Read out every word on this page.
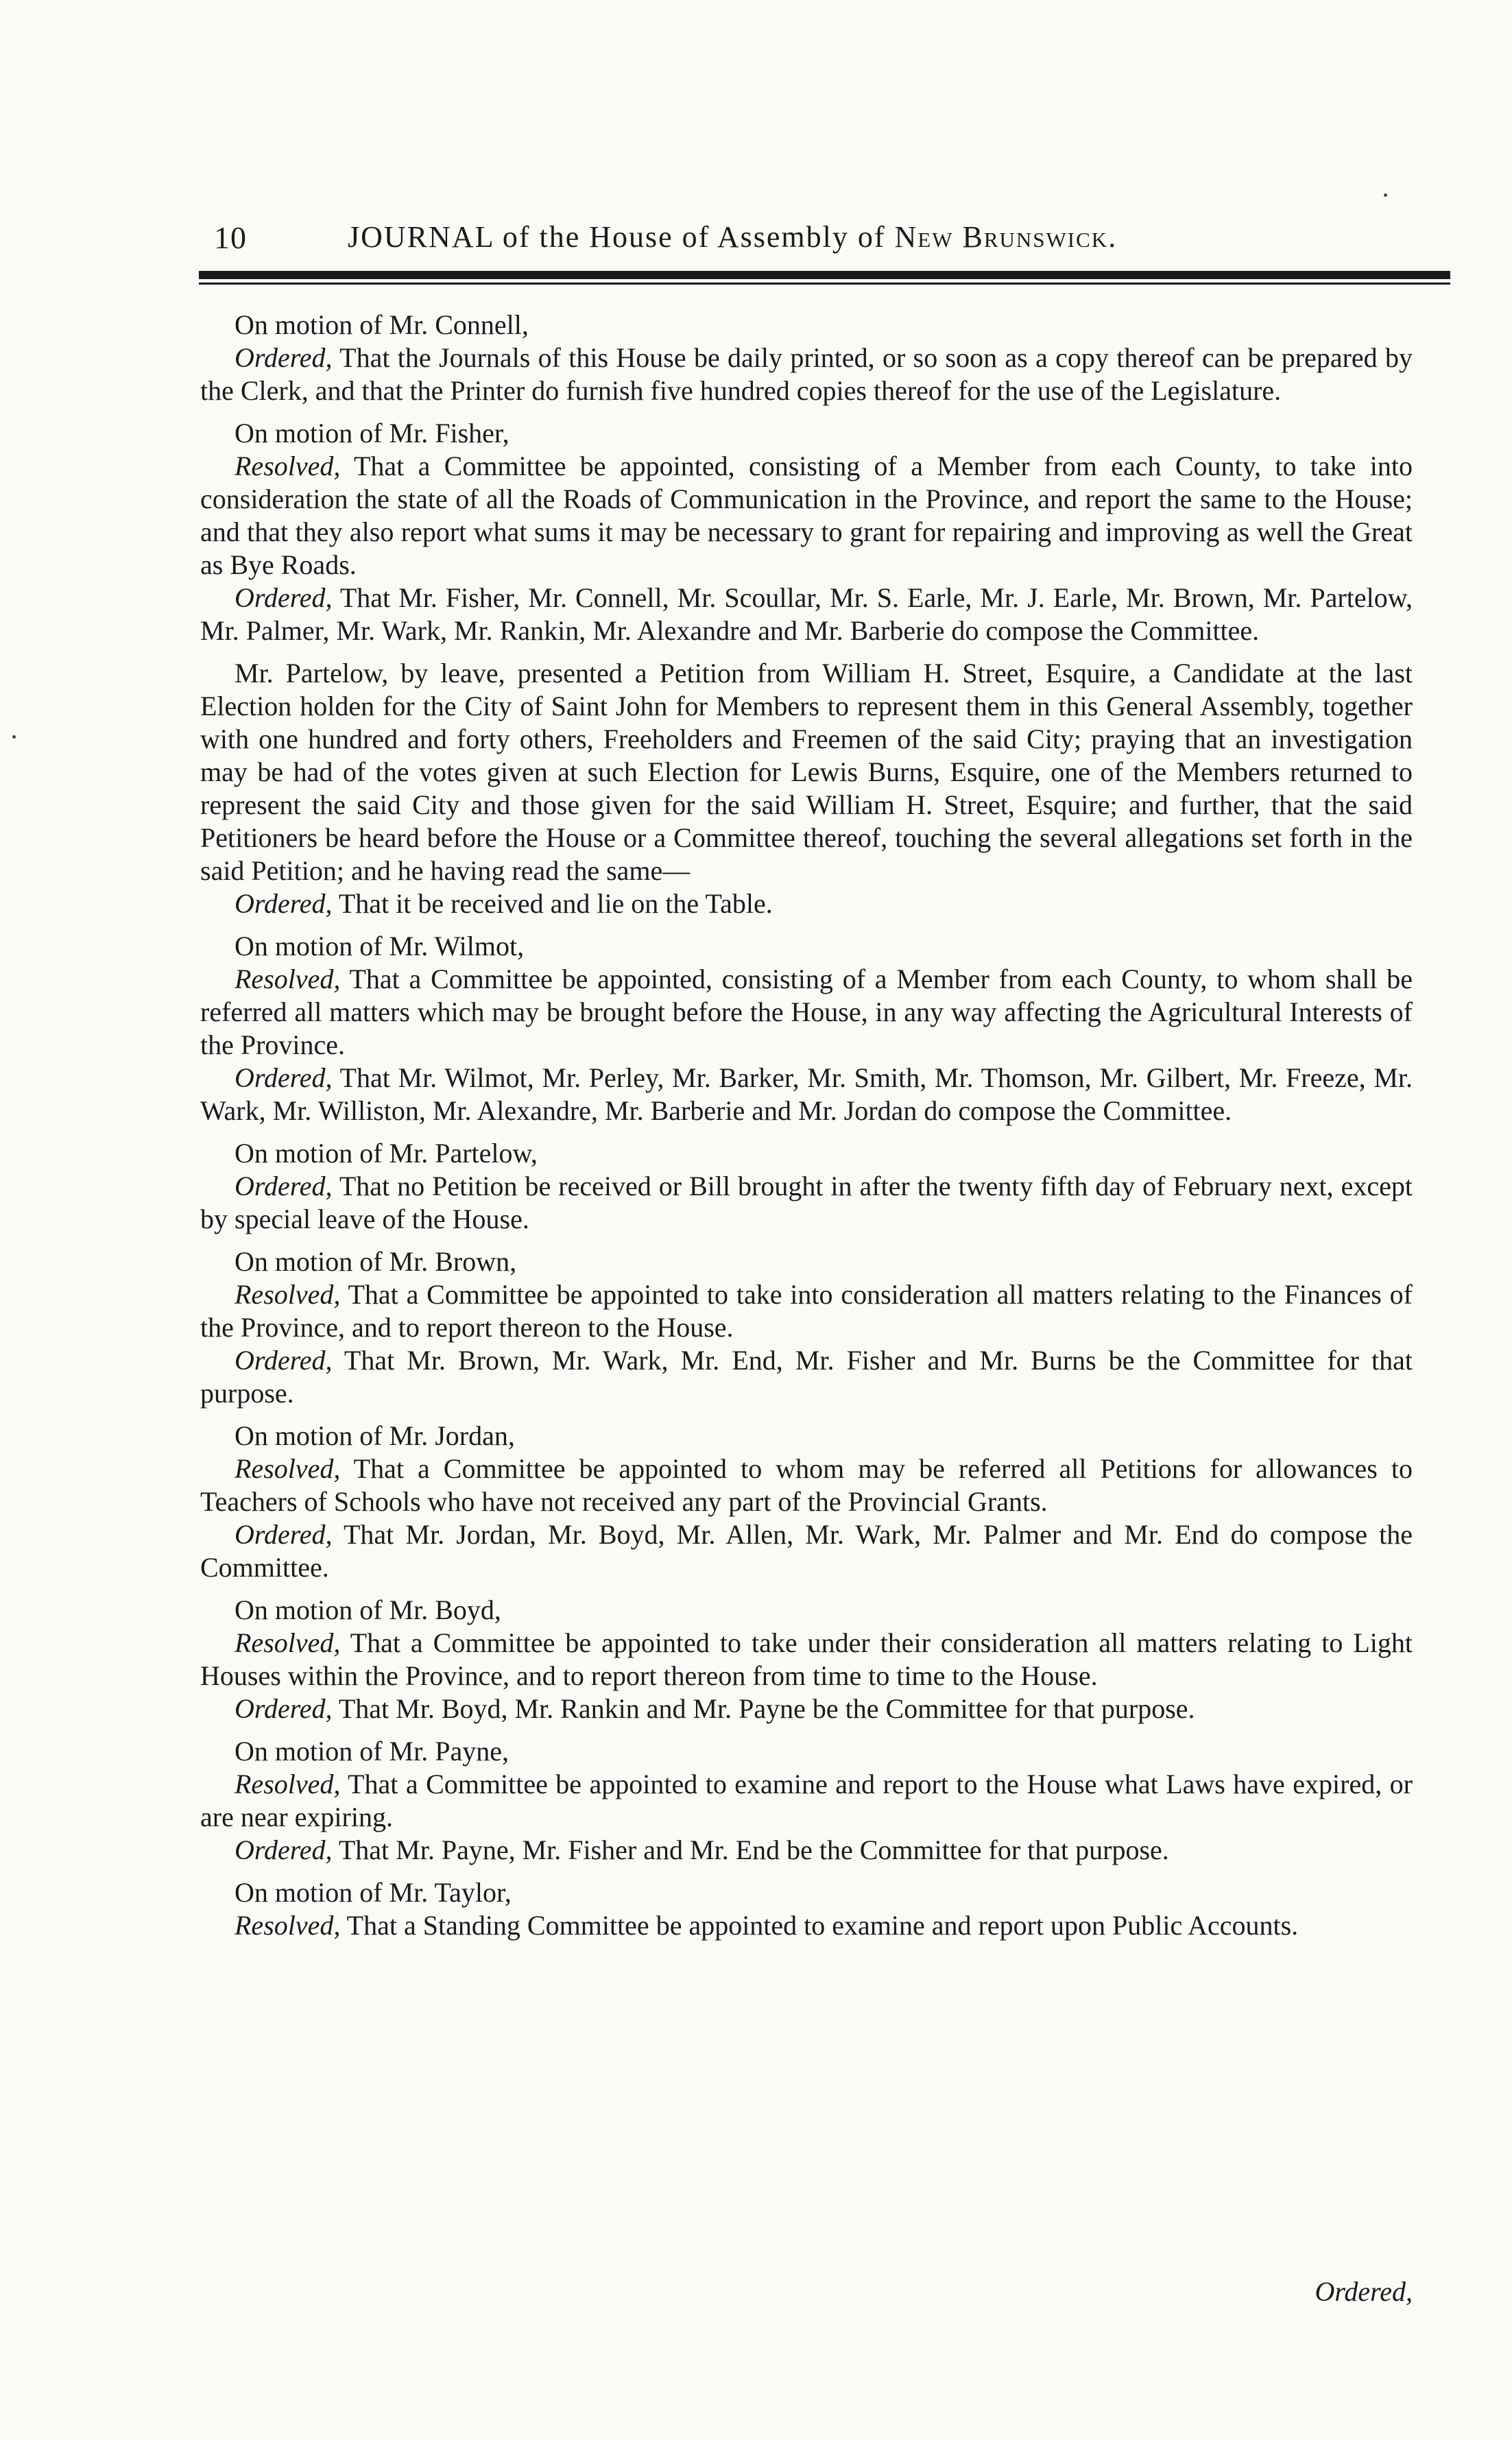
10	JOURNAL of the House of Assembly of New Brunswick.

On motion of Mr. Connell,

Ordered, That the Journals of this House be daily printed, or so soon as a copy thereof can be prepared by the Clerk, and that the Printer do furnish five hundred copies thereof for the use of the Legislature.

On motion of Mr. Fisher,

Resolved, That a Committee be appointed, consisting of a Member from each County, to take into consideration the state of all the Roads of Communication in the Province, and report the same to the House; and that they also report what sums it may be necessary to grant for repairing and improving as well the Great as Bye Roads.

Ordered, That Mr. Fisher, Mr. Connell, Mr. Scoullar, Mr. S. Earle, Mr. J. Earle, Mr. Brown, Mr. Partelow, Mr. Palmer, Mr. Wark, Mr. Rankin, Mr. Alexandre and Mr. Barberie do compose the Committee.

Mr. Partelow, by leave, presented a Petition from William H. Street, Esquire, a Candidate at the last Election holden for the City of Saint John for Members to represent them in this General Assembly, together with one hundred and forty others, Freeholders and Freemen of the said City; praying that an investigation may be had of the votes given at such Election for Lewis Burns, Esquire, one of the Members returned to represent the said City and those given for the said William H. Street, Esquire; and further, that the said Petitioners be heard before the House or a Committee thereof, touching the several allegations set forth in the said Petition; and he having read the same—

Ordered, That it be received and lie on the Table.

On motion of Mr. Wilmot,

Resolved, That a Committee be appointed, consisting of a Member from each County, to whom shall be referred all matters which may be brought before the House, in any way affecting the Agricultural Interests of the Province.

Ordered, That Mr. Wilmot, Mr. Perley, Mr. Barker, Mr. Smith, Mr. Thomson, Mr. Gilbert, Mr. Freeze, Mr. Wark, Mr. Williston, Mr. Alexandre, Mr. Barberie and Mr. Jordan do compose the Committee.

On motion of Mr. Partelow,

Ordered, That no Petition be received or Bill brought in after the twenty fifth day of February next, except by special leave of the House.

On motion of Mr. Brown,

Resolved, That a Committee be appointed to take into consideration all matters relating to the Finances of the Province, and to report thereon to the House.

Ordered, That Mr. Brown, Mr. Wark, Mr. End, Mr. Fisher and Mr. Burns be the Committee for that purpose.

On motion of Mr. Jordan,

Resolved, That a Committee be appointed to whom may be referred all Petitions for allowances to Teachers of Schools who have not received any part of the Provincial Grants.

Ordered, That Mr. Jordan, Mr. Boyd, Mr. Allen, Mr. Wark, Mr. Palmer and Mr. End do compose the Committee.

On motion of Mr. Boyd,

Resolved, That a Committee be appointed to take under their consideration all matters relating to Light Houses within the Province, and to report thereon from time to time to the House.

Ordered, That Mr. Boyd, Mr. Rankin and Mr. Payne be the Committee for that purpose.

On motion of Mr. Payne,

Resolved, That a Committee be appointed to examine and report to the House what Laws have expired, or are near expiring.

Ordered, That Mr. Payne, Mr. Fisher and Mr. End be the Committee for that purpose.

On motion of Mr. Taylor,

Resolved, That a Standing Committee be appointed to examine and report upon Public Accounts.

Ordered,
